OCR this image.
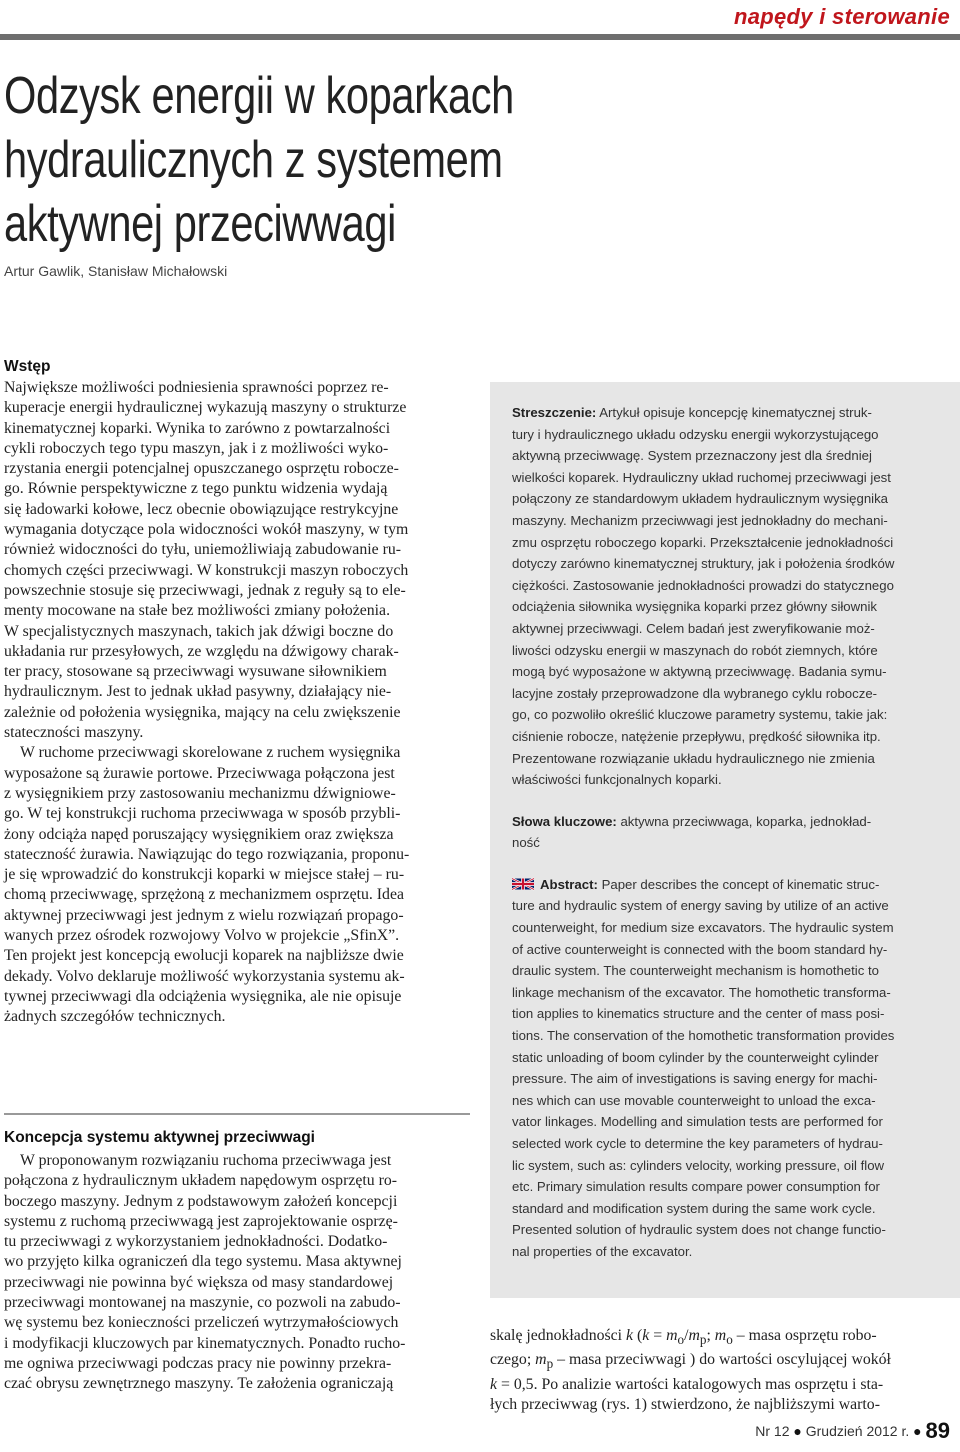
napędy i sterowanie
Odzysk energii w koparkach
hydraulicznych z systemem
aktywnej przeciwwagi
Artur Gawlik, Stanisław Michałowski
Wstęp
Największe możliwości podniesienia sprawności poprzez re-
kuperacje energii hydraulicznej wykazują maszyny o strukturze
kinematycznej koparki. Wynika to zarówno z powtarzalności
cykli roboczych tego typu maszyn, jak i z możliwości wyko-
rzystania energii potencjalnej opuszczanego osprzętu robocze-
go. Równie perspektywiczne z tego punktu widzenia wydają
się ładowarki kołowe, lecz obecnie obowiązujące restrykcyjne
wymagania dotyczące pola widoczności wokół maszyny, w tym
również widoczności do tyłu, uniemożliwiają zabudowanie ru-
chomych części przeciwwagi. W konstrukcji maszyn roboczych
powszechnie stosuje się przeciwwagi, jednak z reguły są to ele-
menty mocowane na stałe bez możliwości zmiany położenia.
W specjalistycznych maszynach, takich jak dźwigi boczne do
układania rur przesyłowych, ze względu na dźwigowy charak-
ter pracy, stosowane są przeciwwagi wysuwane siłownikiem
hydraulicznym. Jest to jednak układ pasywny, działający nie-
zależnie od położenia wysięgnika, mający na celu zwiększenie
stateczności maszyny.
W ruchome przeciwwagi skorelowane z ruchem wysięgnika
wyposażone są żurawie portowe. Przeciwwaga połączona jest
z wysięgnikiem przy zastosowaniu mechanizmu dźwigniowe-
go. W tej konstrukcji ruchoma przeciwwaga w sposób przybli-
żony odciąża napęd poruszający wysięgnikiem oraz zwiększa
stateczność żurawia. Nawiązując do tego rozwiązania, proponu-
je się wprowadzić do konstrukcji koparki w miejsce stałej – ru-
chomą przeciwwagę, sprzężoną z mechanizmem osprzętu. Idea
aktywnej przeciwwagi jest jednym z wielu rozwiązań propago-
wanych przez ośrodek rozwojowy Volvo w projekcie „SfinX”.
Ten projekt jest koncepcją ewolucji koparek na najbliższe dwie
dekady. Volvo deklaruje możliwość wykorzystania systemu ak-
tywnej przeciwwagi dla odciążenia wysięgnika, ale nie opisuje
żadnych szczegółów technicznych.
Koncepcja systemu aktywnej przeciwwagi
W proponowanym rozwiązaniu ruchoma przeciwwaga jest
połączona z hydraulicznym układem napędowym osprzętu ro-
boczego maszyny. Jednym z podstawowym założeń koncepcji
systemu z ruchomą przeciwwagą jest zaprojektowanie osprzę-
tu przeciwwagi z wykorzystaniem jednokładności. Dodatko-
wo przyjęto kilka ograniczeń dla tego systemu. Masa aktywnej
przeciwwagi nie powinna być większa od masy standardowej
przeciwwagi montowanej na maszynie, co pozwoli na zabudo-
wę systemu bez konieczności przeliczeń wytrzymałościowych
i modyfikacji kluczowych par kinematycznych. Ponadto rucho-
me ogniwa przeciwwagi podczas pracy nie powinny przekra-
czać obrysu zewnętrznego maszyny. Te założenia ograniczają
Streszczenie: Artykuł opisuje koncepcję kinematycznej struk-
tury i hydraulicznego układu odzysku energii wykorzystującego
aktywną przeciwwagę. System przeznaczony jest dla średniej
wielkości koparek. Hydrauliczny układ ruchomej przeciwwagi jest
połączony ze standardowym układem hydraulicznym wysięgnika
maszyny. Mechanizm przeciwwagi jest jednokładny do mechani-
zmu osprzętu roboczego koparki. Przekształcenie jednokładności
dotyczy zarówno kinematycznej struktury, jak i położenia środków
ciężkości. Zastosowanie jednokładności prowadzi do statycznego
odciążenia siłownika wysięgnika koparki przez główny siłownik
aktywnej przeciwwagi. Celem badań jest zweryfikowanie moż-
liwości odzysku energii w maszynach do robót ziemnych, które
mogą być wyposażone w aktywną przeciwwagę. Badania symu-
lacyjne zostały przeprowadzone dla wybranego cyklu robocze-
go, co pozwoliło określić kluczowe parametry systemu, takie jak:
ciśnienie robocze, natężenie przepływu, prędkość siłownika itp.
Prezentowane rozwiązanie układu hydraulicznego nie zmienia
właściwości funkcjonalnych koparki.
Słowa kluczowe: aktywna przeciwwaga, koparka, jednokład-
ność
Abstract: Paper describes the concept of kinematic struc-
ture and hydraulic system of energy saving by utilize of an active
counterweight, for medium size excavators. The hydraulic system
of active counterweight is connected with the boom standard hy-
draulic system. The counterweight mechanism is homothetic to
linkage mechanism of the excavator. The homothetic transforma-
tion applies to kinematics structure and the center of mass posi-
tions. The conservation of the homothetic transformation provides
static unloading of boom cylinder by the counterweight cylinder
pressure. The aim of investigations is saving energy for machi-
nes which can use movable counterweight to unload the exca-
vator linkages. Modelling and simulation tests are performed for
selected work cycle to determine the key parameters of hydrau-
lic system, such as: cylinders velocity, working pressure, oil flow
etc. Primary simulation results compare power consumption for
standard and modification system during the same work cycle.
Presented solution of hydraulic system does not change functio-
nal properties of the excavator.
skalę jednokładności k ($k = m_o/m_p$; $m_o$ – masa osprzętu robo-
czego; $m_p$ – masa przeciwwagi ) do wartości oscylującej wokół
k = 0,5. Po analizie wartości katalogowych mas osprzętu i sta-
łych przeciwwag (rys. 1) stwierdzono, że najbliższymi warto-
Nr 12 ● Grudzień 2012 r. ● 89
